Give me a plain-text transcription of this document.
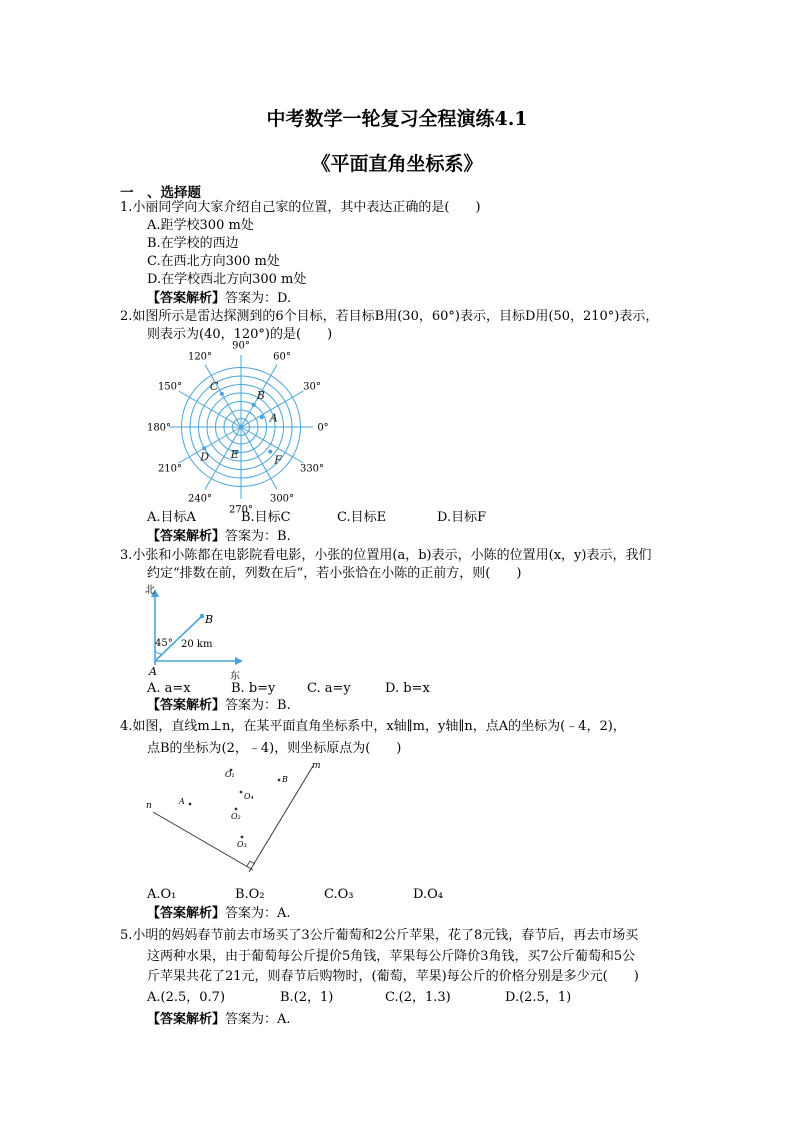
中考数学一轮复习全程演练4.1
《平面直角坐标系》
一　、选择题
1.小丽同学向大家介绍自己家的位置，其中表达正确的是(　　)
A.距学校300 m处
B.在学校的西边
C.在西北方向300 m处
D.在学校西北方向300 m处
【答案解析】答案为：D.
2.如图所示是雷达探测到的6个目标，若目标B用(30，60°)表示，目标D用(50，210°)表示，
则表示为(40，120°)的是(　　)
90°
60°
30°
0°
330°
300°
270°
240°
210°
180°
150°
120°
A
B
C
D E	F
A.目标A	B.目标C	C.目标E	D.目标F
【答案解析】答案为：B.
3.小张和小陈都在电影院看电影，小张的位置用(a，b)表示，小陈的位置用(x，y)表示，我们
约定“排数在前，列数在后”，若小张恰在小陈的正前方，则(　　)
北
东
45° 20 km
A
B
A. a=x	B. b=y C. a=y	D. b=x
【答案解析】答案为：B.
4.如图，直线m⊥n，在某平面直角坐标系中，x轴∥m，y轴∥n，点A的坐标为(﹣4，2)，
点B的坐标为(2，﹣4)，则坐标原点为(　　)
m
n
O₁
B
A
O₄
O₂
O₃
A.O₁	B.O₂	C.O₃	D.O₄
【答案解析】答案为：A.
5.小明的妈妈春节前去市场买了3公斤葡萄和2公斤苹果，花了8元钱，春节后，再去市场买
这两种水果，由于葡萄每公斤提价5角钱，苹果每公斤降价3角钱，买7公斤葡萄和5公
斤苹果共花了21元，则春节后购物时，(葡萄，苹果)每公斤的价格分别是多少元(　　)
A.(2.5，0.7)	B.(2，1)	C.(2，1.3)	D.(2.5，1)
【答案解析】答案为：A.
